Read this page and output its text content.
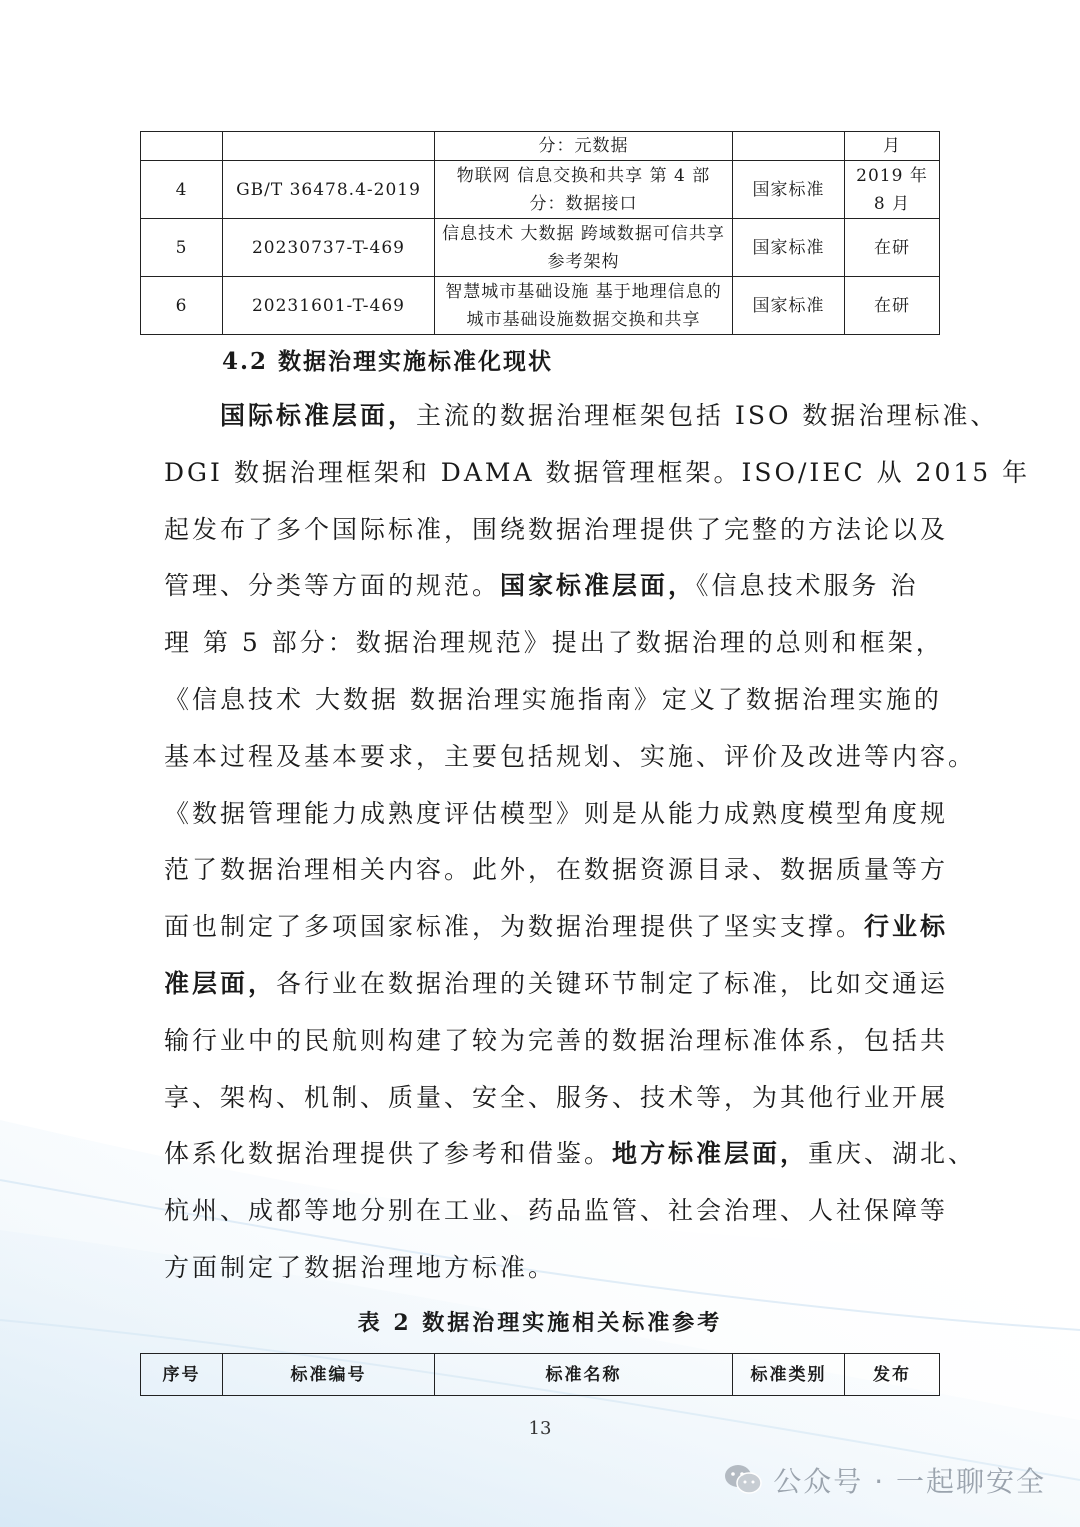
		分：元数据		月
4	GB/T 36478.4-2019	物联网 信息交换和共享 第 4 部分：数据接口	国家标准	2019 年 8 月
5	20230737-T-469	信息技术 大数据 跨域数据可信共享参考架构	国家标准	在研
6	20231601-T-469	智慧城市基础设施 基于地理信息的城市基础设施数据交换和共享	国家标准	在研
4.2 数据治理实施标准化现状
国际标准层面，主流的数据治理框架包括 ISO 数据治理标准、
DGI 数据治理框架和 DAMA 数据管理框架。ISO/IEC 从 2015 年
起发布了多个国际标准，围绕数据治理提供了完整的方法论以及
管理、分类等方面的规范。国家标准层面，《信息技术服务 治
理 第 5 部分：数据治理规范》提出了数据治理的总则和框架，
《信息技术 大数据 数据治理实施指南》定义了数据治理实施的
基本过程及基本要求，主要包括规划、实施、评价及改进等内容。
《数据管理能力成熟度评估模型》则是从能力成熟度模型角度规
范了数据治理相关内容。此外，在数据资源目录、数据质量等方
面也制定了多项国家标准，为数据治理提供了坚实支撑。行业标
准层面，各行业在数据治理的关键环节制定了标准，比如交通运
输行业中的民航则构建了较为完善的数据治理标准体系，包括共
享、架构、机制、质量、安全、服务、技术等，为其他行业开展
体系化数据治理提供了参考和借鉴。地方标准层面，重庆、湖北、
杭州、成都等地分别在工业、药品监管、社会治理、人社保障等
方面制定了数据治理地方标准。

表 2 数据治理实施相关标准参考

序号	标准编号	标准名称	标准类别	发布
13
公众号 · 一起聊安全
